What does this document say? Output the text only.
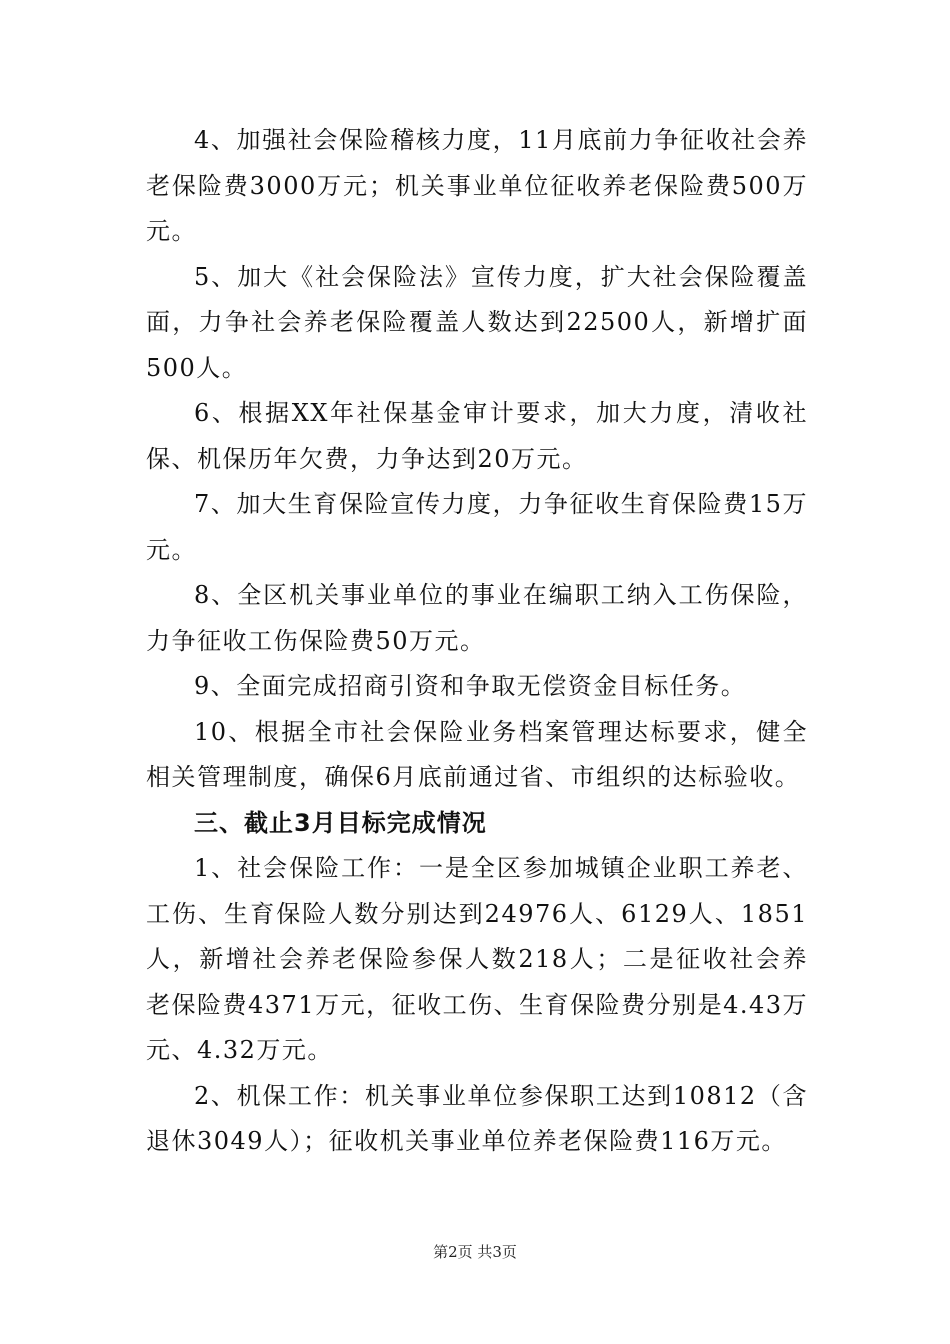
4、加强社会保险稽核力度，11月底前力争征收社会养老保险费3000万元；机关事业单位征收养老保险费500万元。

5、加大《社会保险法》宣传力度，扩大社会保险覆盖面，力争社会养老保险覆盖人数达到22500人，新增扩面500人。

6、根据XX年社保基金审计要求，加大力度，清收社保、机保历年欠费，力争达到20万元。

7、加大生育保险宣传力度，力争征收生育保险费15万元。

8、全区机关事业单位的事业在编职工纳入工伤保险，力争征收工伤保险费50万元。

9、全面完成招商引资和争取无偿资金目标任务。

10、根据全市社会保险业务档案管理达标要求，健全相关管理制度，确保6月底前通过省、市组织的达标验收。

三、截止3月目标完成情况

1、社会保险工作：一是全区参加城镇企业职工养老、工伤、生育保险人数分别达到24976人、6129人、1851人，新增社会养老保险参保人数218人；二是征收社会养老保险费4371万元，征收工伤、生育保险费分别是4.43万元、4.32万元。

2、机保工作：机关事业单位参保职工达到10812（含退休3049人）；征收机关事业单位养老保险费116万元。

第2页 共3页
